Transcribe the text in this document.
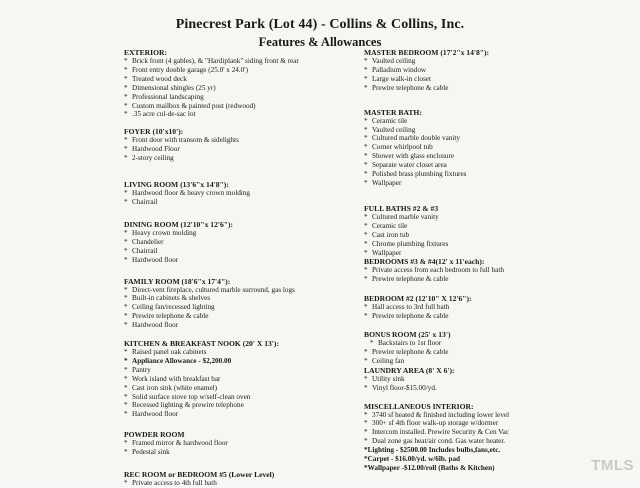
Pinecrest Park (Lot 44) - Collins & Collins, Inc.
Features & Allowances
EXTERIOR:
* Brick front (4 gables), & "Hardiplank" siding front & rear
* Front entry double garage (25.0' x 24.0')
* Treated wood deck
* Dimensional shingles (25 yr)
* Professional landscaping
* Custom mailbox & painted post (redwood)
* .35 acre cul-de-sac lot
FOYER (10'x10'):
* Front door with transom & sidelights
* Hardwood Floor
* 2-story ceiling
LIVING ROOM (13'6"x 14'8"):
* Hardwood floor & heavy crown molding
* Chairrail
DINING ROOM (12'10"x 12'6"):
* Heavy crown molding
* Chandelier
* Chairrail
* Hardwood floor
FAMILY ROOM (18'6"x 17'4"):
* Direct-vent fireplace, cultured marble surround, gas logs
* Built-in cabinets & shelves
* Ceiling fan/recessed lighting
* Prewire telephone & cable
* Hardwood floor
KITCHEN & BREAKFAST NOOK (20' X 13'):
* Raised panel oak cabinets
* Appliance Allowance - $2,200.00
* Pantry
* Work island with breakfast bar
* Cast iron sink (white enamel)
* Solid surface stove top w/self-clean oven
* Recessed lighting & prewire telephone
* Hardwood floor
POWDER ROOM
* Framed mirror & hardwood floor
* Pedestal sink
REC ROOM or BEDROOM #5 (Lower Level)
* Private access to 4th full bath
MASTER BEDROOM (17'2"x 14'8"):
* Vaulted ceiling
* Palladium window
* Large walk-in closet
* Prewire telephone & cable
MASTER BATH:
* Ceramic tile
* Vaulted ceiling
* Cultured marble double vanity
* Corner whirlpool tub
* Shower with glass enclosure
* Separate water closet area
* Polished brass plumbing fixtures
* Wallpaper
FULL BATHS #2 & #3
* Cultured marble vanity
* Ceramic tile
* Cast iron tub
* Chrome plumbing fixtures
* Wallpaper
BEDROOMS #3 & #4(12' x 11'each):
* Private access from each bedroom to full bath
* Prewire telephone & cable
BEDROOM #2 (12'10" X 12'6"):
* Hall access to 3rd full bath
* Prewire telephone & cable
BONUS ROOM (25' x 13')
* Backstairs to 1st floor
* Prewire telephone & cable
* Ceiling fan
LAUNDRY AREA (8' X 6'):
* Utility sink
* Vinyl floor-$15.00/yd.
MISCELLANEOUS INTERIOR:
* 3740 sf heated & finished including lower level
* 300+ sf 4th floor walk-up storage w/dormer
* Intercom installed. Prewire Security & Cen Vac
* Dual zone gas heat/air cond. Gas water heater.
*Lighting - $2500.00 Includes bulbs,fans,etc.
*Carpet - $16.00/yd. w/6lb. pad
*Wallpaper -$12.00/roll (Baths & Kitchen)	TMLS
